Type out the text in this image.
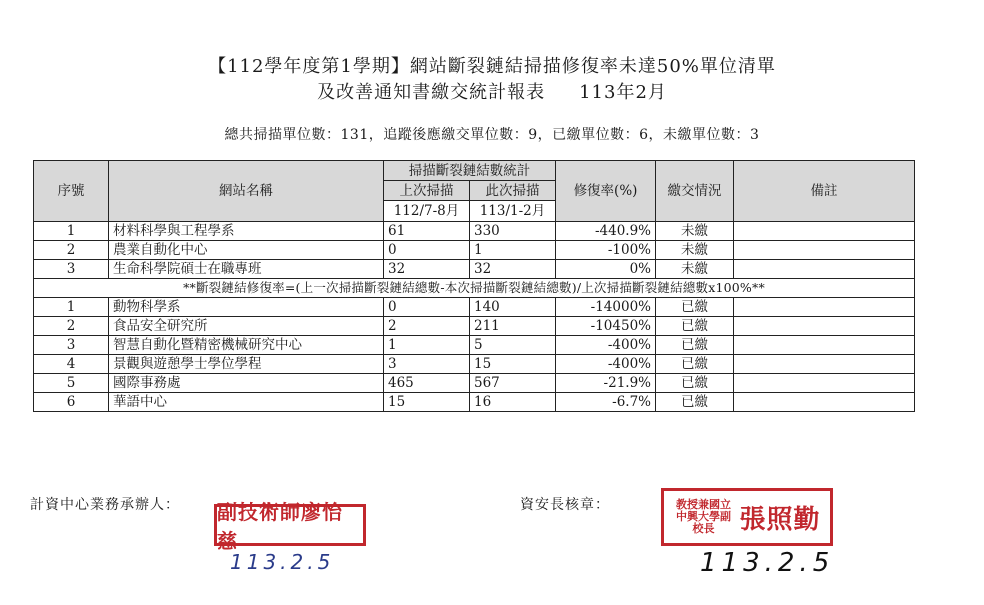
【112學年度第1學期】網站斷裂鏈結掃描修復率未達50%單位清單
及改善通知書繳交統計報表 113年2月
總共掃描單位數：131，追蹤後應繳交單位數：9，已繳單位數：6，未繳單位數：3
序號	網站名稱	掃描斷裂鏈結數統計		修復率(%)	繳交情況	備註
		上次掃描	此次掃描			
		112/7-8月	113/1-2月			
1	材料科學與工程學系	61	330	-440.9%	未繳	
2	農業自動化中心	0	1	-100%	未繳	
3	生命科學院碩士在職專班	32	32	0%	未繳	
**斷裂鏈結修復率=(上一次掃描斷裂鏈結總數-本次掃描斷裂鏈結總數)/上次掃描斷裂鏈結總數x100%**						
1	動物科學系	0	140	-14000%	已繳	
2	食品安全研究所	2	211	-10450%	已繳	
3	智慧自動化暨精密機械研究中心	1	5	-400%	已繳	
4	景觀與遊憩學士學位學程	3	15	-400%	已繳	
5	國際事務處	465	567	-21.9%	已繳	
6	華語中心	15	16	-6.7%	已繳	
計資中心業務承辦人： 副技術師廖怡慈
113.2.5
資安長核章：	教授兼國立中興大學副校長 張照勤
113.2.5
